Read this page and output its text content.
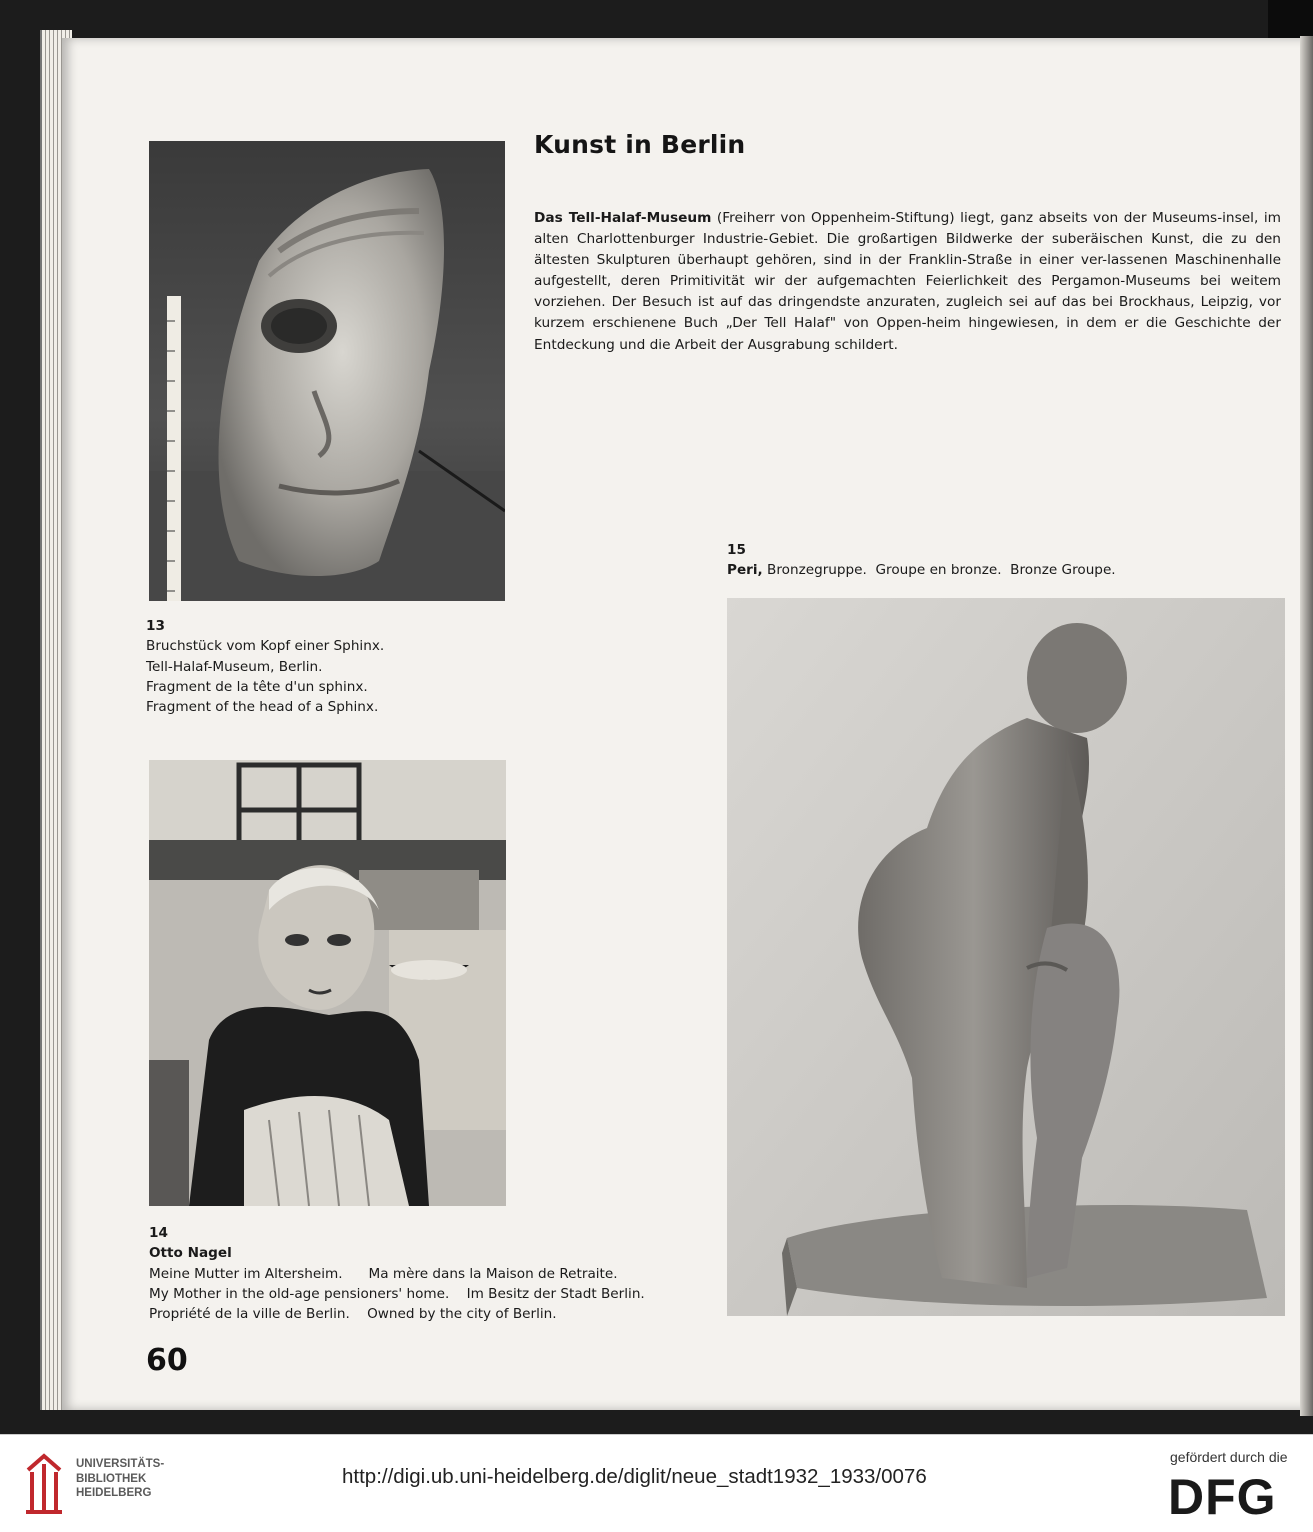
Kunst in Berlin

Das Tell-Halaf-Museum (Freiherr von Oppenheim-Stiftung) liegt, ganz abseits von der Museums-insel, im alten Charlottenburger Industrie-Gebiet. Die großartigen Bildwerke der suberäischen Kunst, die zu den ältesten Skulpturen überhaupt gehören, sind in der Franklin-Straße in einer ver-lassenen Maschinenhalle aufgestellt, deren Primitivität wir der aufgemachten Feierlichkeit des Pergamon-Museums bei weitem vorziehen. Der Besuch ist auf das dringendste anzuraten, zugleich sei auf das bei Brockhaus, Leipzig, vor kurzem erschienene Buch „Der Tell Halaf" von Oppen-heim hingewiesen, in dem er die Geschichte der Entdeckung und die Arbeit der Ausgrabung schildert.

13
Bruchstück vom Kopf einer Sphinx.
Tell-Halaf-Museum, Berlin.
Fragment de la tête d'un sphinx.
Fragment of the head of a Sphinx.
15
Peri, Bronzegruppe.  Groupe en bronze.  Bronze Groupe.
14
Otto Nagel
Meine Mutter im Altersheim.      Ma mère dans la Maison de Retraite.
My Mother in the old-age pensioners' home.    Im Besitz der Stadt Berlin.
Propriété de la ville de Berlin.    Owned by the city of Berlin.

60

UNIVERSITÄTS-
BIBLIOTHEK
HEIDELBERG
http://digi.ub.uni-heidelberg.de/diglit/neue_stadt1932_1933/0076
gefördert durch die
DFG
